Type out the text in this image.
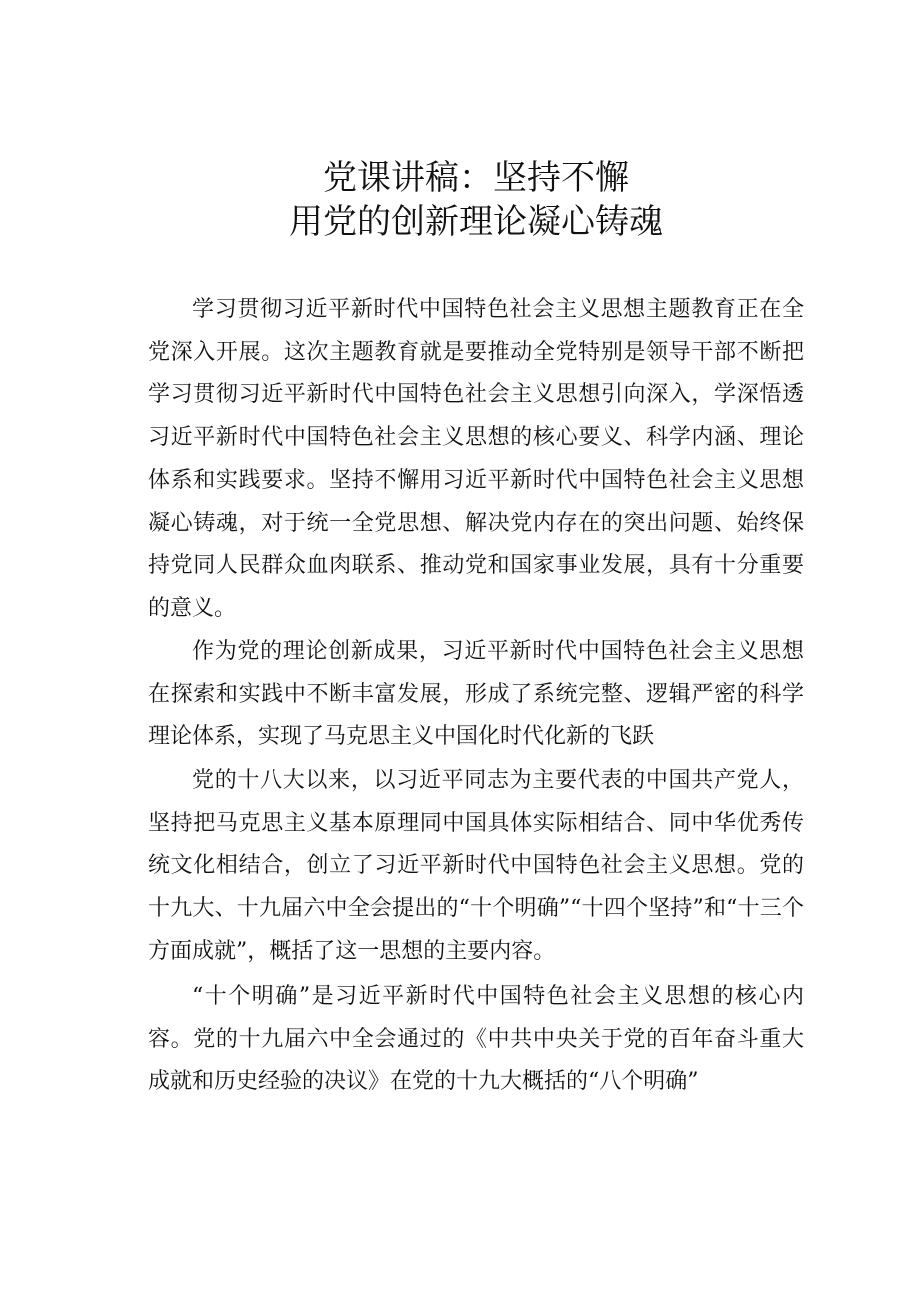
党课讲稿：坚持不懈
用党的创新理论凝心铸魂

学习贯彻习近平新时代中国特色社会主义思想主题教育正在全党深入开展。这次主题教育就是要推动全党特别是领导干部不断把学习贯彻习近平新时代中国特色社会主义思想引向深入，学深悟透习近平新时代中国特色社会主义思想的核心要义、科学内涵、理论体系和实践要求。坚持不懈用习近平新时代中国特色社会主义思想凝心铸魂，对于统一全党思想、解决党内存在的突出问题、始终保持党同人民群众血肉联系、推动党和国家事业发展，具有十分重要的意义。

作为党的理论创新成果，习近平新时代中国特色社会主义思想在探索和实践中不断丰富发展，形成了系统完整、逻辑严密的科学理论体系，实现了马克思主义中国化时代化新的飞跃

党的十八大以来，以习近平同志为主要代表的中国共产党人，坚持把马克思主义基本原理同中国具体实际相结合、同中华优秀传统文化相结合，创立了习近平新时代中国特色社会主义思想。党的十九大、十九届六中全会提出的“十个明确”“十四个坚持”和“十三个方面成就”，概括了这一思想的主要内容。

“十个明确”是习近平新时代中国特色社会主义思想的核心内容。党的十九届六中全会通过的《中共中央关于党的百年奋斗重大成就和历史经验的决议》在党的十九大概括的“八个明确”
